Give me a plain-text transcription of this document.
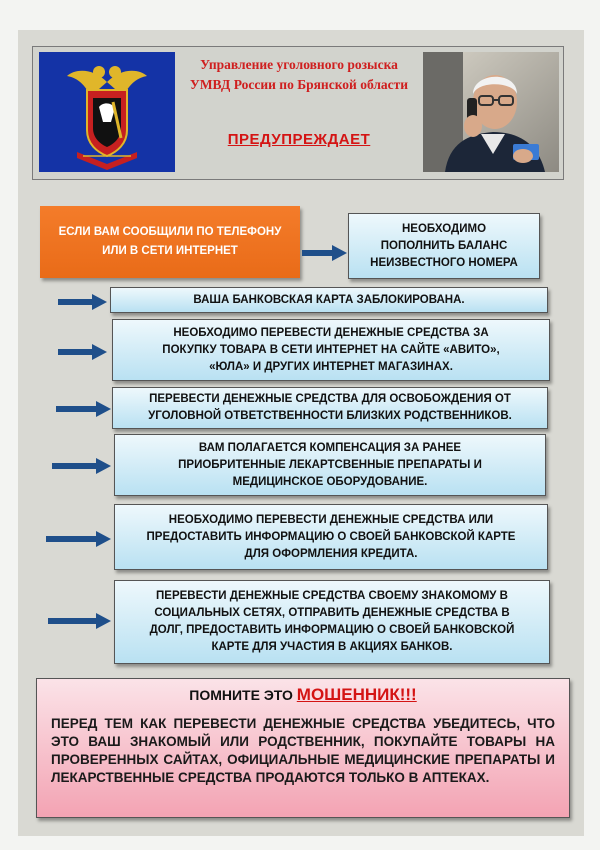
Управление уголовного розыска
УМВД России по Брянской области
ПРЕДУПРЕЖДАЕТ
ЕСЛИ ВАМ СООБЩИЛИ ПО ТЕЛЕФОНУ ИЛИ В СЕТИ ИНТЕРНЕТ
НЕОБХОДИМО
ПОПОЛНИТЬ БАЛАНС
НЕИЗВЕСТНОГО НОМЕРА
ВАША БАНКОВСКАЯ КАРТА ЗАБЛОКИРОВАНА.
НЕОБХОДИМО ПЕРЕВЕСТИ ДЕНЕЖНЫЕ СРЕДСТВА ЗА
ПОКУПКУ ТОВАРА В СЕТИ ИНТЕРНЕТ НА САЙТЕ «АВИТО»,
«ЮЛА» И ДРУГИХ ИНТЕРНЕТ МАГАЗИНАХ.
ПЕРЕВЕСТИ ДЕНЕЖНЫЕ СРЕДСТВА ДЛЯ ОСВОБОЖДЕНИЯ ОТ
УГОЛОВНОЙ ОТВЕТСТВЕННОСТИ БЛИЗКИХ РОДСТВЕННИКОВ.
ВАМ ПОЛАГАЕТСЯ КОМПЕНСАЦИЯ ЗА РАНЕЕ
ПРИОБРИТЕННЫЕ ЛЕКАРТСВЕННЫЕ ПРЕПАРАТЫ И
МЕДИЦИНСКОЕ ОБОРУДОВАНИЕ.
НЕОБХОДИМО ПЕРЕВЕСТИ ДЕНЕЖНЫЕ СРЕДСТВА ИЛИ
ПРЕДОСТАВИТЬ ИНФОРМАЦИЮ О СВОЕЙ БАНКОВСКОЙ КАРТЕ
ДЛЯ ОФОРМЛЕНИЯ КРЕДИТА.
ПЕРЕВЕСТИ ДЕНЕЖНЫЕ СРЕДСТВА СВОЕМУ ЗНАКОМОМУ В
СОЦИАЛЬНЫХ СЕТЯХ, ОТПРАВИТЬ ДЕНЕЖНЫЕ СРЕДСТВА В
ДОЛГ, ПРЕДОСТАВИТЬ ИНФОРМАЦИЮ О СВОЕЙ БАНКОВСКОЙ
КАРТЕ ДЛЯ УЧАСТИЯ В АКЦИЯХ БАНКОВ.
ПОМНИТЕ ЭТО МОШЕННИК!!!
ПЕРЕД ТЕМ КАК ПЕРЕВЕСТИ ДЕНЕЖНЫЕ СРЕДСТВА УБЕДИТЕСЬ, ЧТО ЭТО ВАШ ЗНАКОМЫЙ ИЛИ РОДСТВЕННИК, ПОКУПАЙТЕ ТОВАРЫ НА ПРОВЕРЕННЫХ САЙТАХ, ОФИЦИАЛЬНЫЕ МЕДИЦИНСКИЕ ПРЕПАРАТЫ И ЛЕКАРСТВЕННЫЕ СРЕДСТВА ПРОДАЮТСЯ ТОЛЬКО В АПТЕКАХ.
